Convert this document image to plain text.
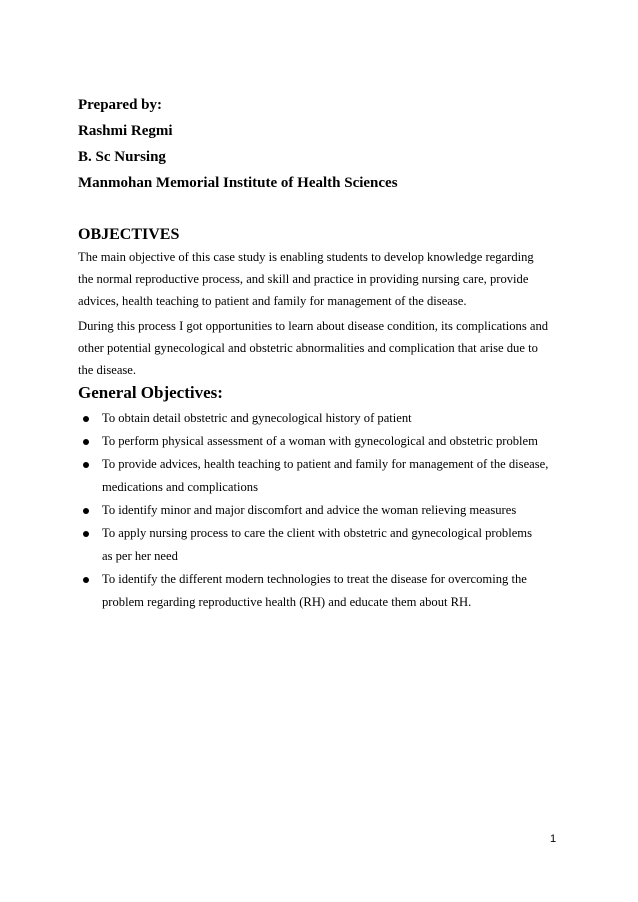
Prepared by:
Rashmi Regmi
B. Sc Nursing
Manmohan Memorial Institute of Health Sciences
OBJECTIVES
The main objective of this case study is enabling students to develop knowledge regarding
the normal reproductive process, and skill and practice in providing nursing care, provide
advices, health teaching to patient and family for management of the disease.
During this process I got opportunities to learn about disease condition, its complications and
other potential gynecological and obstetric abnormalities and complication that arise due to
the disease.
General Objectives:
To obtain detail obstetric and gynecological history of patient
To perform physical assessment of a woman with gynecological and obstetric problem
To provide advices, health teaching to patient and family for management of the disease,
medications and complications
To identify minor and major discomfort and advice the woman relieving measures
To apply nursing process to care the client with obstetric and gynecological problems
as per her need
To identify the different modern technologies to treat the disease for overcoming the
problem regarding reproductive health (RH) and educate them about RH.
1
